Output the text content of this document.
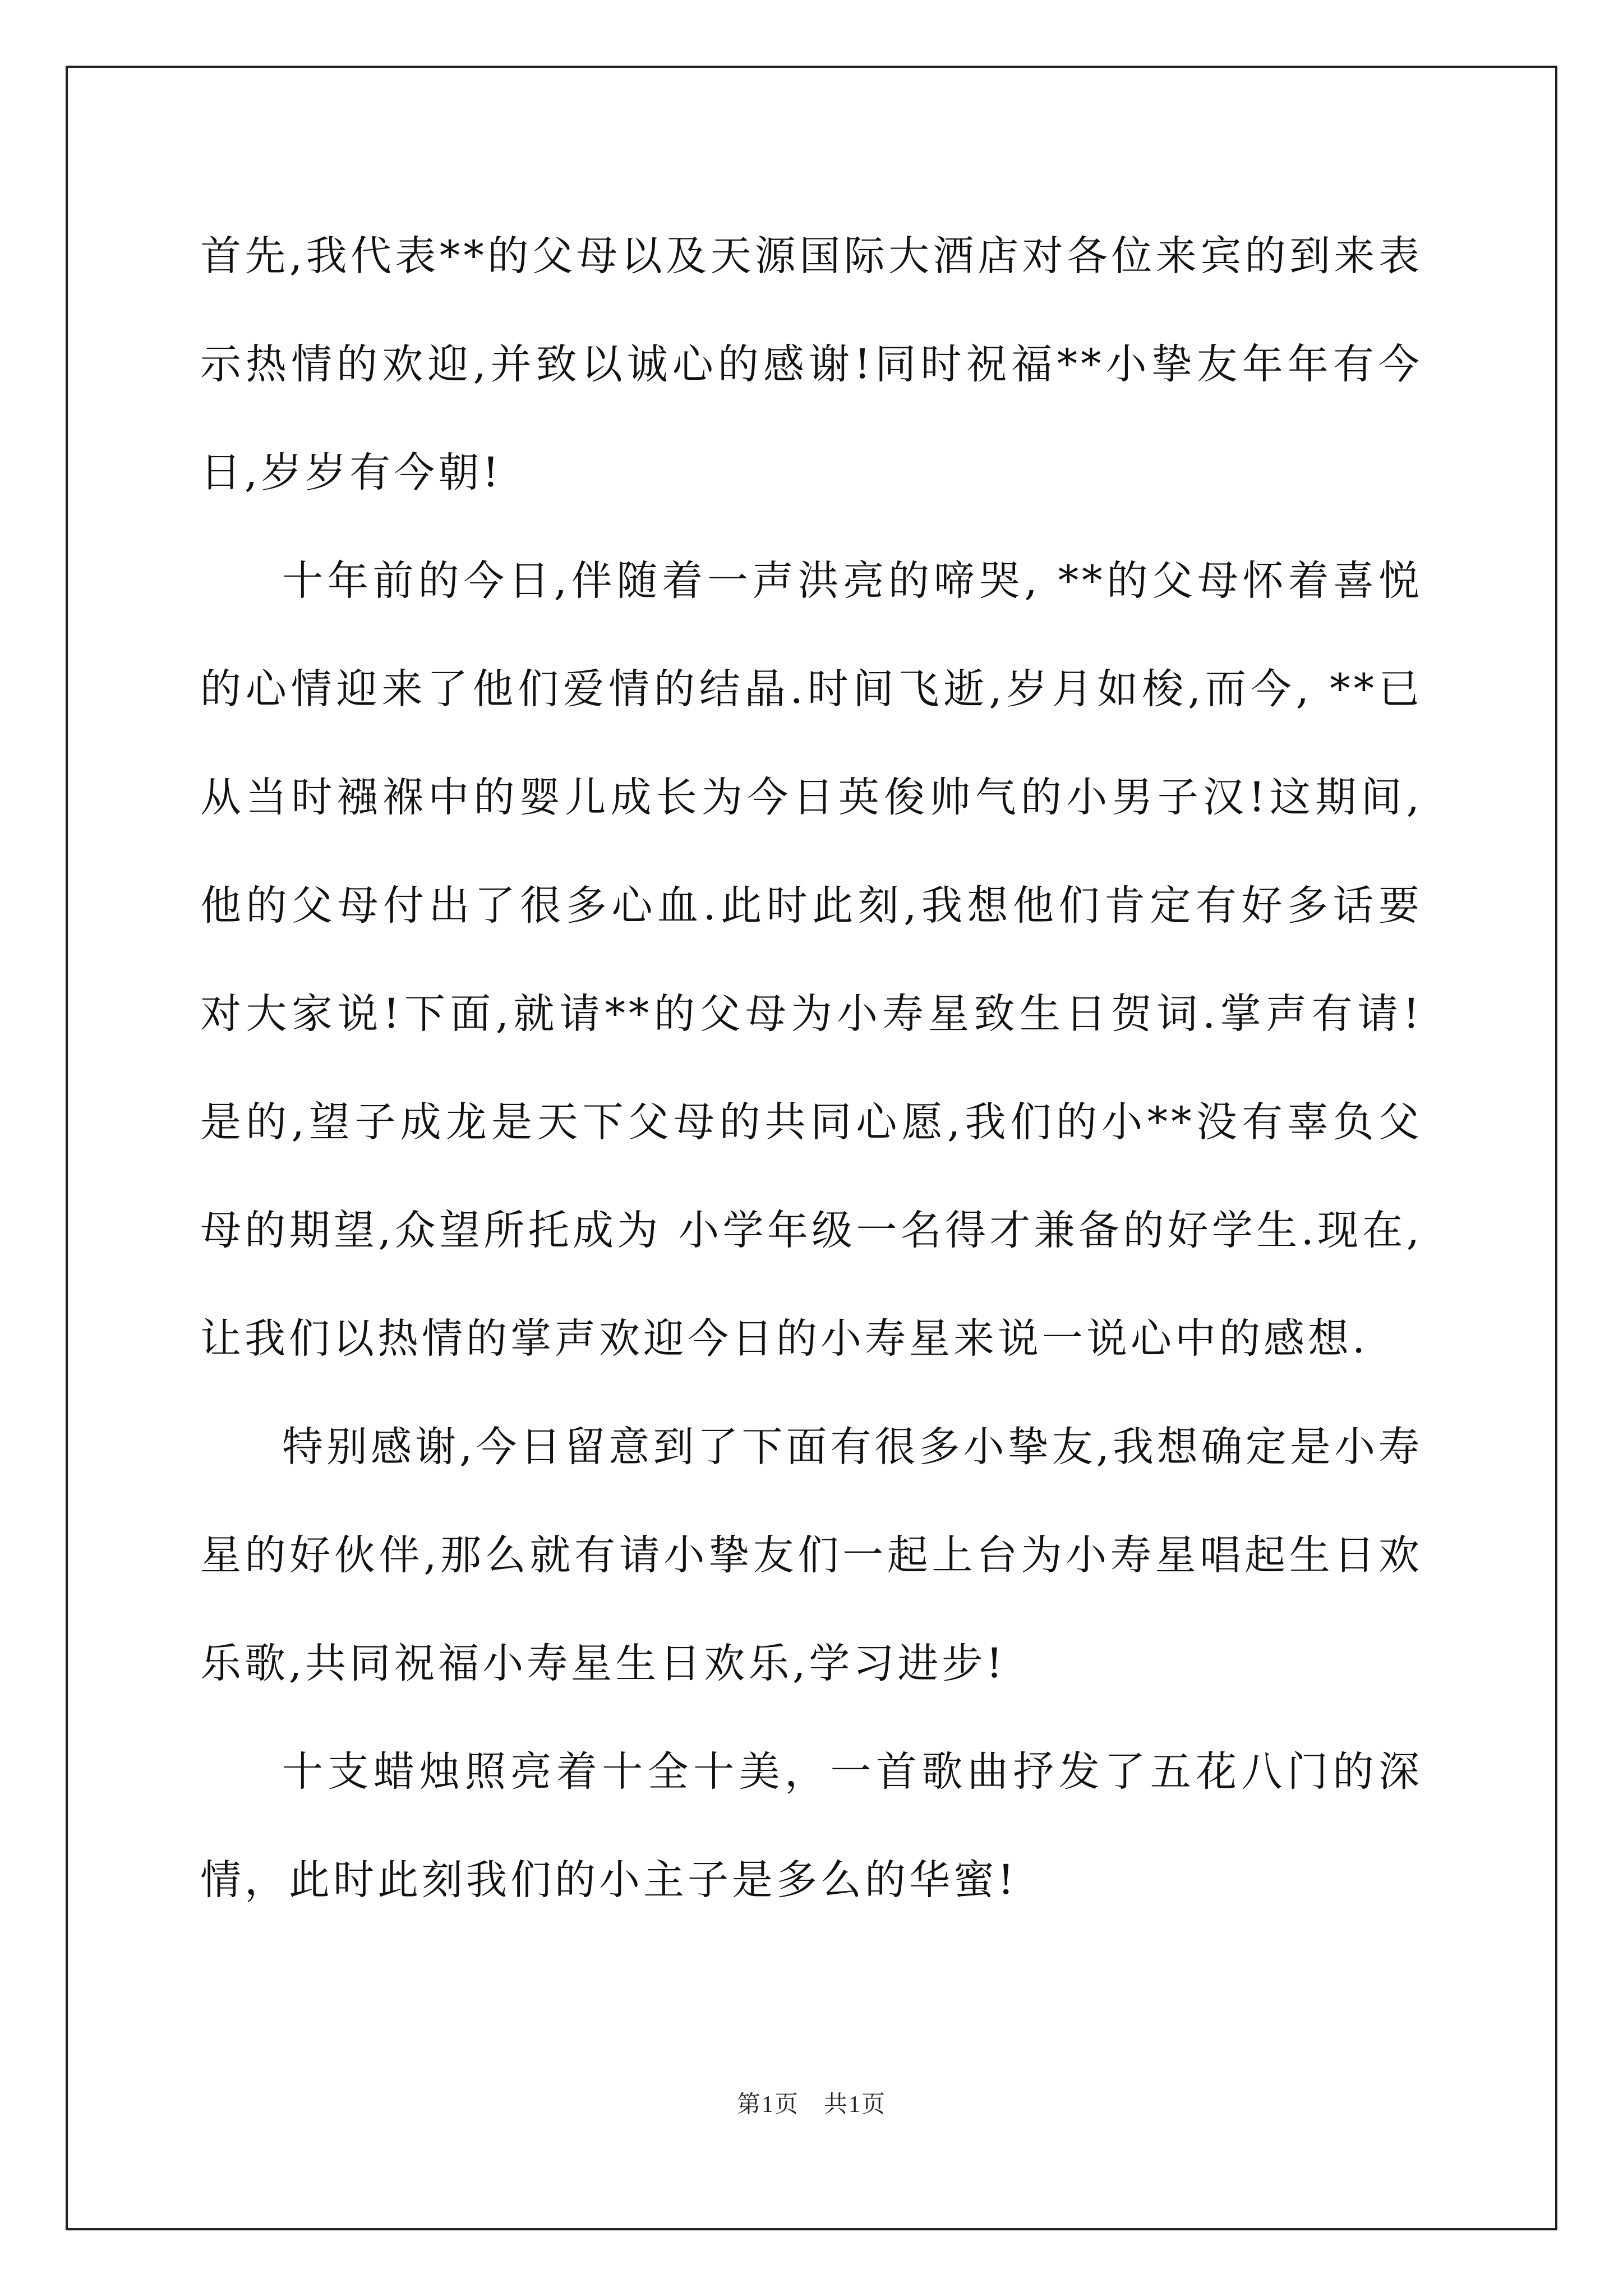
首先,我代表**的父母以及天源国际大酒店对各位来宾的到来表示热情的欢迎,并致以诚心的感谢!同时祝福**小挚友年年有今日,岁岁有今朝!

十年前的今日,伴随着一声洪亮的啼哭, **的父母怀着喜悦的心情迎来了他们爱情的结晶.时间飞逝,岁月如梭,而今, **已从当时襁褓中的婴儿成长为今日英俊帅气的小男子汉!这期间,他的父母付出了很多心血.此时此刻,我想他们肯定有好多话要对大家说!下面,就请**的父母为小寿星致生日贺词.掌声有请! 是的,望子成龙是天下父母的共同心愿,我们的小**没有辜负父母的期望,众望所托成为 小学年级一名得才兼备的好学生.现在,让我们以热情的掌声欢迎今日的小寿星来说一说心中的感想.

特别感谢,今日留意到了下面有很多小挚友,我想确定是小寿星的好伙伴,那么就有请小挚友们一起上台为小寿星唱起生日欢乐歌,共同祝福小寿星生日欢乐,学习进步!

十支蜡烛照亮着十全十美，一首歌曲抒发了五花八门的深情，此时此刻我们的小主子是多么的华蜜!

第1页　共1页
